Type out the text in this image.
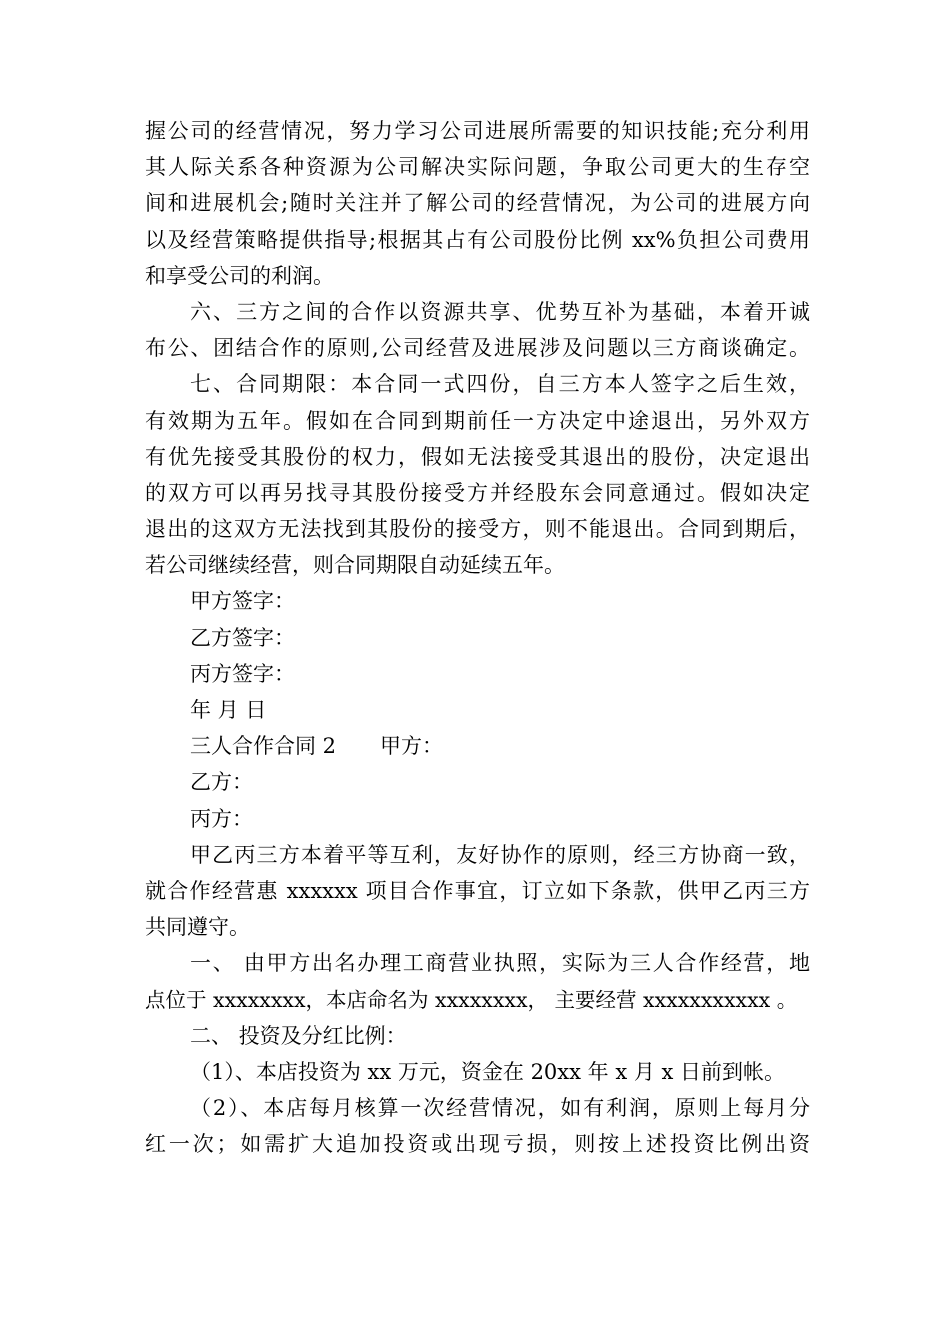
握公司的经营情况，努力学习公司进展所需要的知识技能;充分利用
其人际关系各种资源为公司解决实际问题，争取公司更大的生存空
间和进展机会;随时关注并了解公司的经营情况，为公司的进展方向
以及经营策略提供指导;根据其占有公司股份比例 xx%负担公司费用
和享受公司的利润。
六、三方之间的合作以资源共享、优势互补为基础，本着开诚
布公、团结合作的原则,公司经营及进展涉及问题以三方商谈确定。
七、合同期限：本合同一式四份，自三方本人签字之后生效，
有效期为五年。假如在合同到期前任一方决定中途退出，另外双方
有优先接受其股份的权力，假如无法接受其退出的股份，决定退出
的双方可以再另找寻其股份接受方并经股东会同意通过。假如决定
退出的这双方无法找到其股份的接受方，则不能退出。合同到期后，
若公司继续经营，则合同期限自动延续五年。
甲方签字：
乙方签字：
丙方签字：
年 月 日
三人合作合同 2 甲方：
乙方：
丙方：
甲乙丙三方本着平等互利，友好协作的原则，经三方协商一致，
就合作经营惠 xxxxxx 项目合作事宜，订立如下条款，供甲乙丙三方
共同遵守。
一、 由甲方出名办理工商营业执照，实际为三人合作经营，地
点位于 xxxxxxxx，本店命名为 xxxxxxxx， 主要经营 xxxxxxxxxxx 。
二、 投资及分红比例：
（1）、本店投资为 xx 万元，资金在 20xx 年 x 月 x 日前到帐。
（2）、本店每月核算一次经营情况，如有利润，原则上每月分
红一次；如需扩大追加投资或出现亏损，则按上述投资比例出资
